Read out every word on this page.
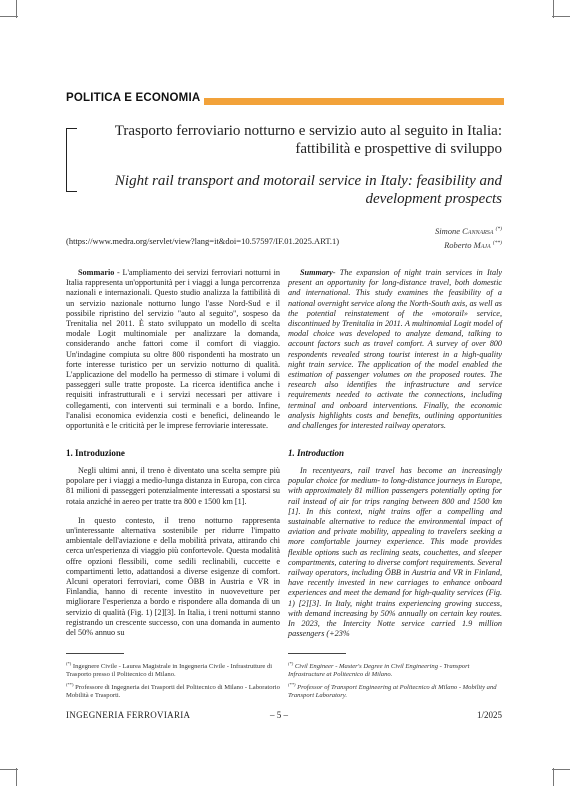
POLITICA E ECONOMIA
Trasporto ferroviario notturno e servizio auto al seguito in Italia: fattibilità e prospettive di sviluppo
Night rail transport and motorail service in Italy: feasibility and development prospects
Simone Cannarsa (*)
Roberto Maja (**)
(https://www.medra.org/servlet/view?lang=it&doi=10.57597/IF.01.2025.ART.1)

Sommario - L'ampliamento dei servizi ferroviari notturni in Italia rappresenta un'opportunità per i viaggi a lunga percorrenza nazionali e internazionali. Questo studio analizza la fattibilità di un servizio nazionale notturno lungo l'asse Nord-Sud e il possibile ripristino del servizio "auto al seguito", sospeso da Trenitalia nel 2011. È stato sviluppato un modello di scelta modale Logit multinomiale per analizzare la domanda, considerando anche fattori come il comfort di viaggio. Un'indagine compiuta su oltre 800 rispondenti ha mostrato un forte interesse turistico per un servizio notturno di qualità. L'applicazione del modello ha permesso di stimare i volumi di passeggeri sulle tratte proposte. La ricerca identifica anche i requisiti infrastrutturali e i servizi necessari per attivare i collegamenti, con interventi sui terminali e a bordo. Infine, l'analisi economica evidenzia costi e benefici, delineando le opportunità e le criticità per le imprese ferroviarie interessate.

Summary- The expansion of night train services in Italy present an opportunity for long-distance travel, both domestic and international. This study examines the feasibility of a national overnight service along the North-South axis, as well as the potential reinstatement of the «motorail» service, discontinued by Trenitalia in 2011. A multinomial Logit model of modal choice was developed to analyze demand, talking to account factors such as travel comfort. A survey of over 800 respondents revealed strong tourist interest in a high-quality night train service. The application of the model enabled the estimation of passenger volumes on the proposed routes. The research also identifies the infrastructure and service requirements needed to activate the connections, including terminal and onboard interventions. Finally, the economic analysis highlights costs and benefits, outlining opportunities and challenges for interested railway operators.

1. Introduzione	1. Introduction

Negli ultimi anni, il treno è diventato una scelta sempre più popolare per i viaggi a medio-lunga distanza in Europa, con circa 81 milioni di passeggeri potenzialmente interessati a spostarsi su rotaia anziché in aereo per tratte tra 800 e 1500 km [1].

In questo contesto, il treno notturno rappresenta un'interessante alternativa sostenibile per ridurre l'impatto ambientale dell'aviazione e della mobilità privata, attirando chi cerca un'esperienza di viaggio più confortevole. Questa modalità offre opzioni flessibili, come sedili reclinabili, cuccette e compartimenti letto, adattandosi a diverse esigenze di comfort. Alcuni operatori ferroviari, come ÖBB in Austria e VR in Finlandia, hanno di recente investito in nuovevetture per migliorare l'esperienza a bordo e rispondere alla domanda di un servizio di qualità (Fig. 1) [2][3]. In Italia, i treni notturni stanno registrando un crescente successo, con una domanda in aumento del 50% annuo su

In recentyears, rail travel has become an increasingly popular choice for medium- to long-distance journeys in Europe, with approximately 81 million passengers potentially opting for rail instead of air for trips ranging between 800 and 1500 km [1]. In this context, night trains offer a compelling and sustainable alternative to reduce the environmental impact of aviation and private mobility, appealing to travelers seeking a more comfortable journey experience. This mode provides flexible options such as reclining seats, couchettes, and sleeper compartments, catering to diverse comfort requirements. Several railway operators, including ÖBB in Austria and VR in Finland, have recently invested in new carriages to enhance onboard experiences and meet the demand for high-quality services (Fig. 1) [2][3]. In Italy, night trains experiencing growing success, with demand increasing by 50% annually on certain key routes. In 2023, the Intercity Notte service carried 1.9 million passengers (+23%

(*) Ingegnere Civile - Laurea Magistrale in Ingegneria Civile - Infrastrutture di Trasporto presso il Politecnico di Milano.

(**) Professore di Ingegneria dei Trasporti del Politecnico di Milano - Laboratorio Mobilità e Trasporti.

(*) Civil Engineer - Master's Degree in Civil Engineering - Transport Infrastructure at Politecnico di Milano.

(**) Professor of Transport Engineering at Politecnico di Milano - Mobility and Transport Laboratory.

INGEGNERIA FERROVIARIA	– 5 –	1/2025
